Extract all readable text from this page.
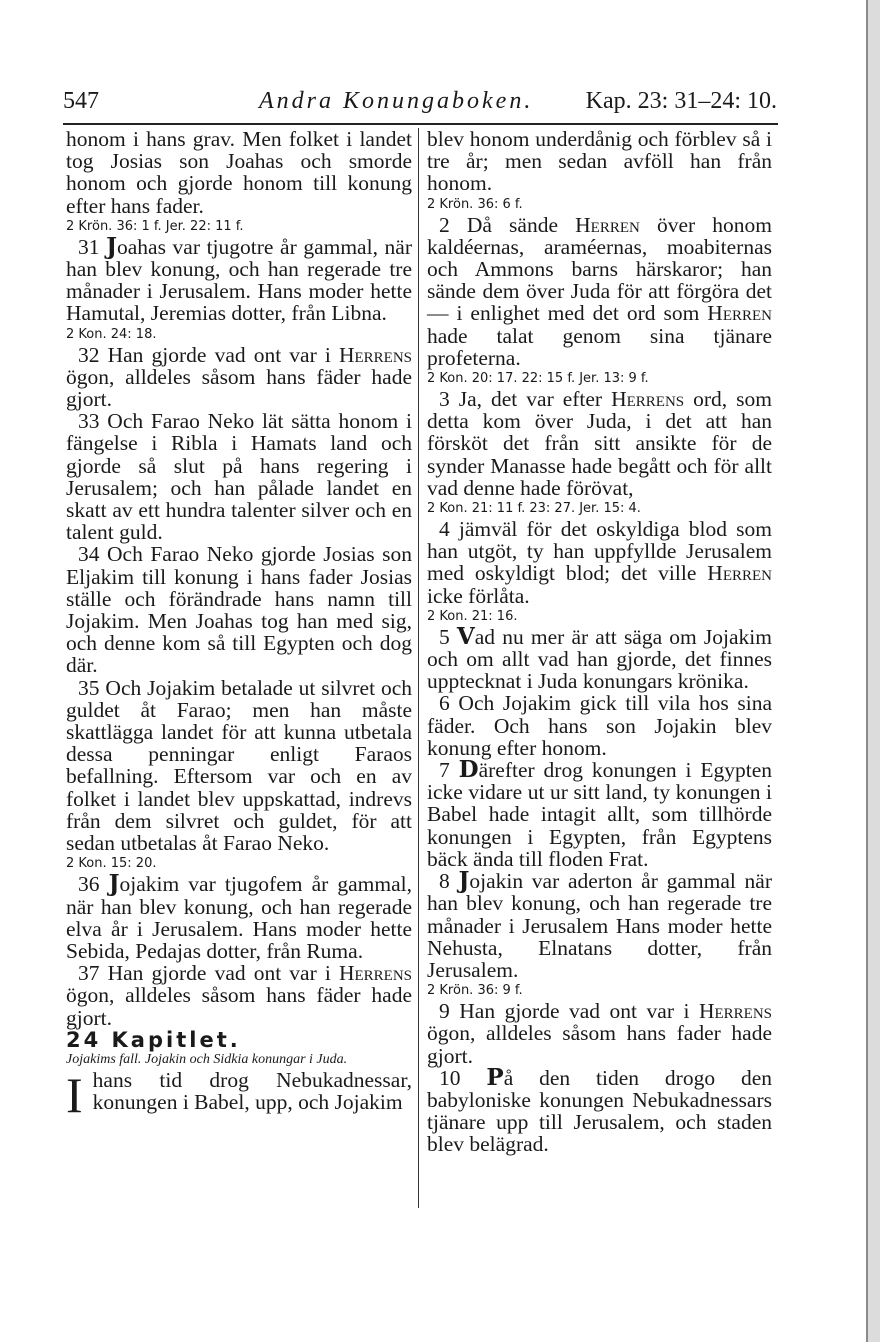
547	Andra Konungaboken. Kap. 23: 31–24: 10.

honom i hans grav. Men folket i landet tog Josias son Joahas och smorde honom och gjorde honom till konung efter hans fader.

2 Krön. 36: 1 f. Jer. 22: 11 f.

31 Joahas var tjugotre år gammal, när han blev konung, och han regerade tre månader i Jerusalem. Hans moder hette Hamutal, Jeremias dotter, från Libna.

2 Kon. 24: 18.

32 Han gjorde vad ont var i Herrens ögon, alldeles såsom hans fäder hade gjort.

33 Och Farao Neko lät sätta honom i fängelse i Ribla i Hamats land och gjorde så slut på hans regering i Jerusalem; och han pålade landet en skatt av ett hundra talenter silver och en talent guld.

34 Och Farao Neko gjorde Josias son Eljakim till konung i hans fader Josias ställe och förändrade hans namn till Jojakim. Men Joahas tog han med sig, och denne kom så till Egypten och dog där.

35 Och Jojakim betalade ut silvret och guldet åt Farao; men han måste skattlägga landet för att kunna utbetala dessa penningar enligt Faraos befallning. Eftersom var och en av folket i landet blev uppskattad, indrevs från dem silvret och guldet, för att sedan utbetalas åt Farao Neko.

2 Kon. 15: 20.

36 Jojakim var tjugofem år gammal, när han blev konung, och han regerade elva år i Jerusalem. Hans moder hette Sebida, Pedajas dotter, från Ruma.

37 Han gjorde vad ont var i Herrens ögon, alldeles såsom hans fäder hade gjort.

24 Kapitlet.

Jojakims fall. Jojakin och Sidkia konungar i Juda.

Ihans tid drog Nebukadnessar, konungen i Babel, upp, och Jojakim

blev honom underdånig och förblev så i tre år; men sedan avföll han från honom.

2 Krön. 36: 6 f.

2 Då sände Herren över honom kaldéernas, araméernas, moabiternas och Ammons barns härskaror; han sände dem över Juda för att förgöra det — i enlighet med det ord som Herren hade talat genom sina tjänare profeterna.

2 Kon. 20: 17. 22: 15 f. Jer. 13: 9 f.

3 Ja, det var efter Herrens ord, som detta kom över Juda, i det att han försköt det från sitt ansikte för de synder Manasse hade begått och för allt vad denne hade förövat,

2 Kon. 21: 11 f. 23: 27. Jer. 15: 4.

4 jämväl för det oskyldiga blod som han utgöt, ty han uppfyllde Jerusalem med oskyldigt blod; det ville Herren icke förlåta.

2 Kon. 21: 16.

5 Vad nu mer är att säga om Jojakim och om allt vad han gjorde, det finnes upptecknat i Juda konungars krönika.

6 Och Jojakim gick till vila hos sina fäder. Och hans son Jojakin blev konung efter honom.

7 Därefter drog konungen i Egypten icke vidare ut ur sitt land, ty konungen i Babel hade intagit allt, som tillhörde konungen i Egypten, från Egyptens bäck ända till floden Frat.

8 Jojakin var aderton år gammal när han blev konung, och han regerade tre månader i Jerusalem Hans moder hette Nehusta, Elnatans dotter, från Jerusalem.

2 Krön. 36: 9 f.

9 Han gjorde vad ont var i Herrens ögon, alldeles såsom hans fader hade gjort.

10 På den tiden drogo den babyloniske konungen Nebukadnessars tjänare upp till Jerusalem, och staden blev belägrad.
